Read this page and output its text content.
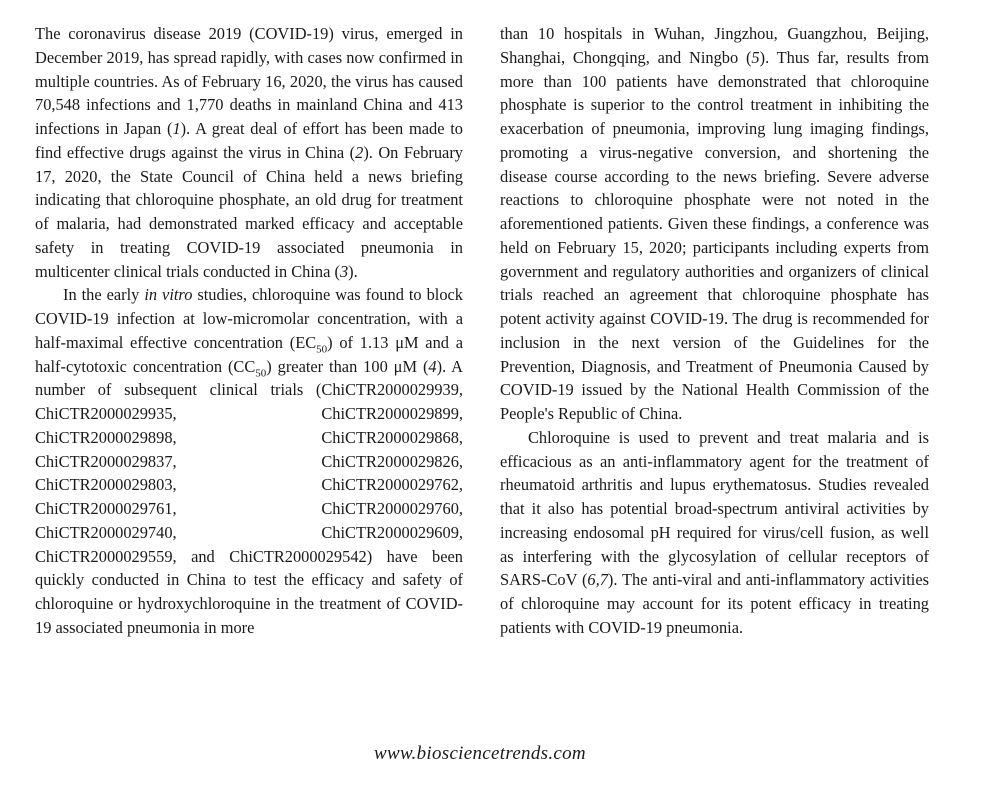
The coronavirus disease 2019 (COVID-19) virus, emerged in December 2019, has spread rapidly, with cases now confirmed in multiple countries. As of February 16, 2020, the virus has caused 70,548 infections and 1,770 deaths in mainland China and 413 infections in Japan (1). A great deal of effort has been made to find effective drugs against the virus in China (2). On February 17, 2020, the State Council of China held a news briefing indicating that chloroquine phosphate, an old drug for treatment of malaria, had demonstrated marked efficacy and acceptable safety in treating COVID-19 associated pneumonia in multicenter clinical trials conducted in China (3).

In the early in vitro studies, chloroquine was found to block COVID-19 infection at low-micromolar concentration, with a half-maximal effective concentration $(EC_{50})$ of 1.13 μM and a half-cytotoxic concentration $(CC_{50})$ greater than 100 μM (4). A number of subsequent clinical trials (ChiCTR2000029939, ChiCTR2000029935, ChiCTR2000029899, ChiCTR2000029898, ChiCTR2000029868, ChiCTR2000029837, ChiCTR2000029826, ChiCTR2000029803, ChiCTR2000029762, ChiCTR2000029761, ChiCTR2000029760, ChiCTR2000029740, ChiCTR2000029609, ChiCTR2000029559, and ChiCTR2000029542) have been quickly conducted in China to test the efficacy and safety of chloroquine or hydroxychloroquine in the treatment of COVID-19 associated pneumonia in more

than 10 hospitals in Wuhan, Jingzhou, Guangzhou, Beijing, Shanghai, Chongqing, and Ningbo (5). Thus far, results from more than 100 patients have demonstrated that chloroquine phosphate is superior to the control treatment in inhibiting the exacerbation of pneumonia, improving lung imaging findings, promoting a virus-negative conversion, and shortening the disease course according to the news briefing. Severe adverse reactions to chloroquine phosphate were not noted in the aforementioned patients. Given these findings, a conference was held on February 15, 2020; participants including experts from government and regulatory authorities and organizers of clinical trials reached an agreement that chloroquine phosphate has potent activity against COVID-19. The drug is recommended for inclusion in the next version of the Guidelines for the Prevention, Diagnosis, and Treatment of Pneumonia Caused by COVID-19 issued by the National Health Commission of the People's Republic of China.

Chloroquine is used to prevent and treat malaria and is efficacious as an anti-inflammatory agent for the treatment of rheumatoid arthritis and lupus erythematosus. Studies revealed that it also has potential broad-spectrum antiviral activities by increasing endosomal pH required for virus/cell fusion, as well as interfering with the glycosylation of cellular receptors of SARS-CoV (6,7). The anti-viral and anti-inflammatory activities of chloroquine may account for its potent efficacy in treating patients with COVID-19 pneumonia.

www.biosciencetrends.com
